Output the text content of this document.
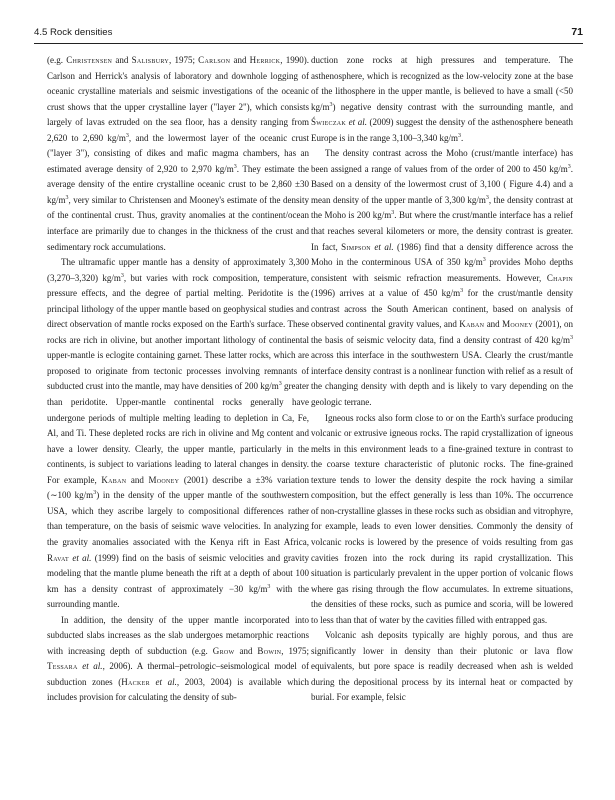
4.5 Rock densities	71

(e.g. Christensen and Salisbury, 1975; Carlson and Herrick, 1990). Carlson and Herrick's analysis of laboratory and downhole logging of oceanic crystalline materials and seismic investigations of the oceanic crust shows that the upper crystalline layer ("layer 2"), which consists largely of lavas extruded on the sea floor, has a density ranging from 2,620 to 2,690 $kg/m^3$, and the lowermost layer of the oceanic crust ("layer 3"), consisting of dikes and mafic magma chambers, has an estimated average density of 2,920 to 2,970 $kg/m^3$. They estimate the average density of the entire crystalline oceanic crust to be 2,860 ±30 $kg/m^3$, very similar to Christensen and Mooney's estimate of the density of the continental crust. Thus, gravity anomalies at the continent/ocean interface are primarily due to changes in the thickness of the crust and sedimentary rock accumulations.

The ultramafic upper mantle has a density of approximately 3,300 (3,270–3,320) $kg/m^3$, but varies with rock composition, temperature, pressure effects, and the degree of partial melting. Peridotite is the principal lithology of the upper mantle based on geophysical studies and direct observation of mantle rocks exposed on the Earth's surface. These rocks are rich in olivine, but another important lithology of continental upper-mantle is eclogite containing garnet. These latter rocks, which are proposed to originate from tectonic processes involving remnants of subducted crust into the mantle, may have densities of 200 $kg/m^3$ greater than peridotite. Upper-mantle continental rocks generally have undergone periods of multiple melting leading to depletion in Ca, Fe, Al, and Ti. These depleted rocks are rich in olivine and Mg content and have a lower density. Clearly, the upper mantle, particularly in the continents, is subject to variations leading to lateral changes in density. For example, Kaban and Mooney (2001) describe a ±3% variation (∼100 $kg/m^3$) in the density of the upper mantle of the southwestern USA, which they ascribe largely to compositional differences rather than temperature, on the basis of seismic wave velocities. In analyzing the gravity anomalies associated with the Kenya rift in East Africa, Ravat et al. (1999) find on the basis of seismic velocities and gravity modeling that the mantle plume beneath the rift at a depth of about 100 km has a density contrast of approximately −30 $kg/m^3$ with the surrounding mantle.

In addition, the density of the upper mantle incorporated into subducted slabs increases as the slab undergoes metamorphic reactions with increasing depth of subduction (e.g. Grow and Bowin, 1975; Tessara et al., 2006). A thermal–petrologic–seismological model of subduction zones (Hacker et al., 2003, 2004) is available which includes provision for calculating the density of sub-

duction zone rocks at high pressures and temperature. The asthenosphere, which is recognized as the low-velocity zone at the base of the lithosphere in the upper mantle, is believed to have a small (<50 $kg/m^3$) negative density contrast with the surrounding mantle, and Świeczak et al. (2009) suggest the density of the asthenosphere beneath Europe is in the range 3,100–3,340 $kg/m^3$.

The density contrast across the Moho (crust/mantle interface) has been assigned a range of values from of the order of 200 to 450 $kg/m^3$. Based on a density of the lowermost crust of 3,100 ( Figure 4.4) and a mean density of the upper mantle of 3,300 $kg/m^3$, the density contrast at the Moho is 200 $kg/m^3$. But where the crust/mantle interface has a relief that reaches several kilometers or more, the density contrast is greater. In fact, Simpson et al. (1986) find that a density difference across the Moho in the conterminous USA of 350 $kg/m^3$ provides Moho depths consistent with seismic refraction measurements. However, Chapin (1996) arrives at a value of 450 $kg/m^3$ for the crust/mantle density contrast across the South American continent, based on analysis of observed continental gravity values, and Kaban and Mooney (2001), on the basis of seismic velocity data, find a density contrast of 420 $kg/m^3$ across this interface in the southwestern USA. Clearly the crust/mantle interface density contrast is a nonlinear function with relief as a result of the changing density with depth and is likely to vary depending on the geologic terrane.

Igneous rocks also form close to or on the Earth's surface producing volcanic or extrusive igneous rocks. The rapid crystallization of igneous melts in this environment leads to a fine-grained texture in contrast to the coarse texture characteristic of plutonic rocks. The fine-grained texture tends to lower the density despite the rock having a similar composition, but the effect generally is less than 10%. The occurrence of non-crystalline glasses in these rocks such as obsidian and vitrophyre, for example, leads to even lower densities. Commonly the density of volcanic rocks is lowered by the presence of voids resulting from gas cavities frozen into the rock during its rapid crystallization. This situation is particularly prevalent in the upper portion of volcanic flows where gas rising through the flow accumulates. In extreme situations, the densities of these rocks, such as pumice and scoria, will be lowered to less than that of water by the cavities filled with entrapped gas.

Volcanic ash deposits typically are highly porous, and thus are significantly lower in density than their plutonic or lava flow equivalents, but pore space is readily decreased when ash is welded during the depositional process by its internal heat or compacted by burial. For example, felsic
